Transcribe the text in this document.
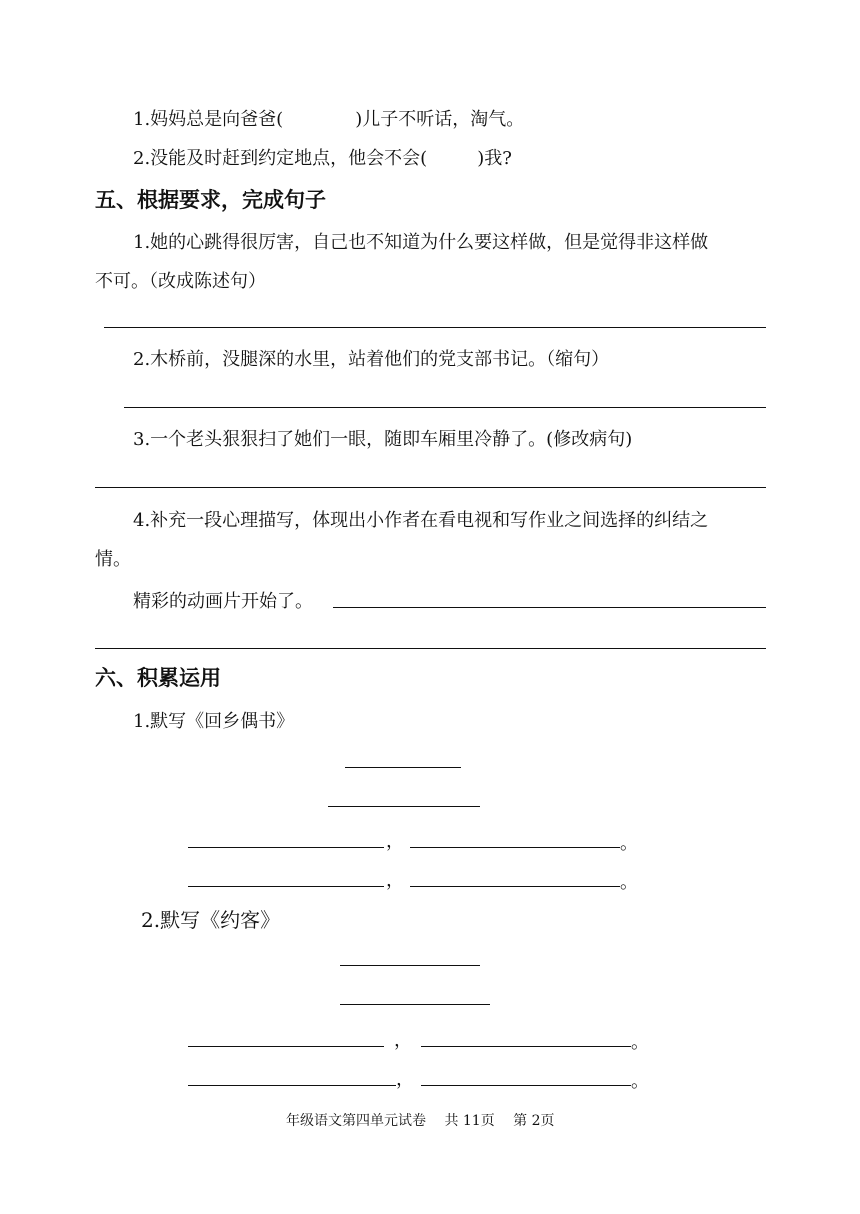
1.妈妈总是向爸爸(	)儿子不听话，淘气。
2.没能及时赶到约定地点，他会不会(	)我?
五、根据要求，完成句子
1.她的心跳得很厉害，自己也不知道为什么要这样做，但是觉得非这样做
不可。（改成陈述句）
2.木桥前，没腿深的水里，站着他们的党支部书记。（缩句）
3.一个老头狠狠扫了她们一眼，随即车厢里冷静了。(修改病句)
4.补充一段心理描写，体现出小作者在看电视和写作业之间选择的纠结之
情。
精彩的动画片开始了。
六、积累运用
1.默写《回乡偶书》
，	。
，	。
2.默写《约客》
，	。
，	。
年级语文第四单元试卷　 共 11页　 第 2页
